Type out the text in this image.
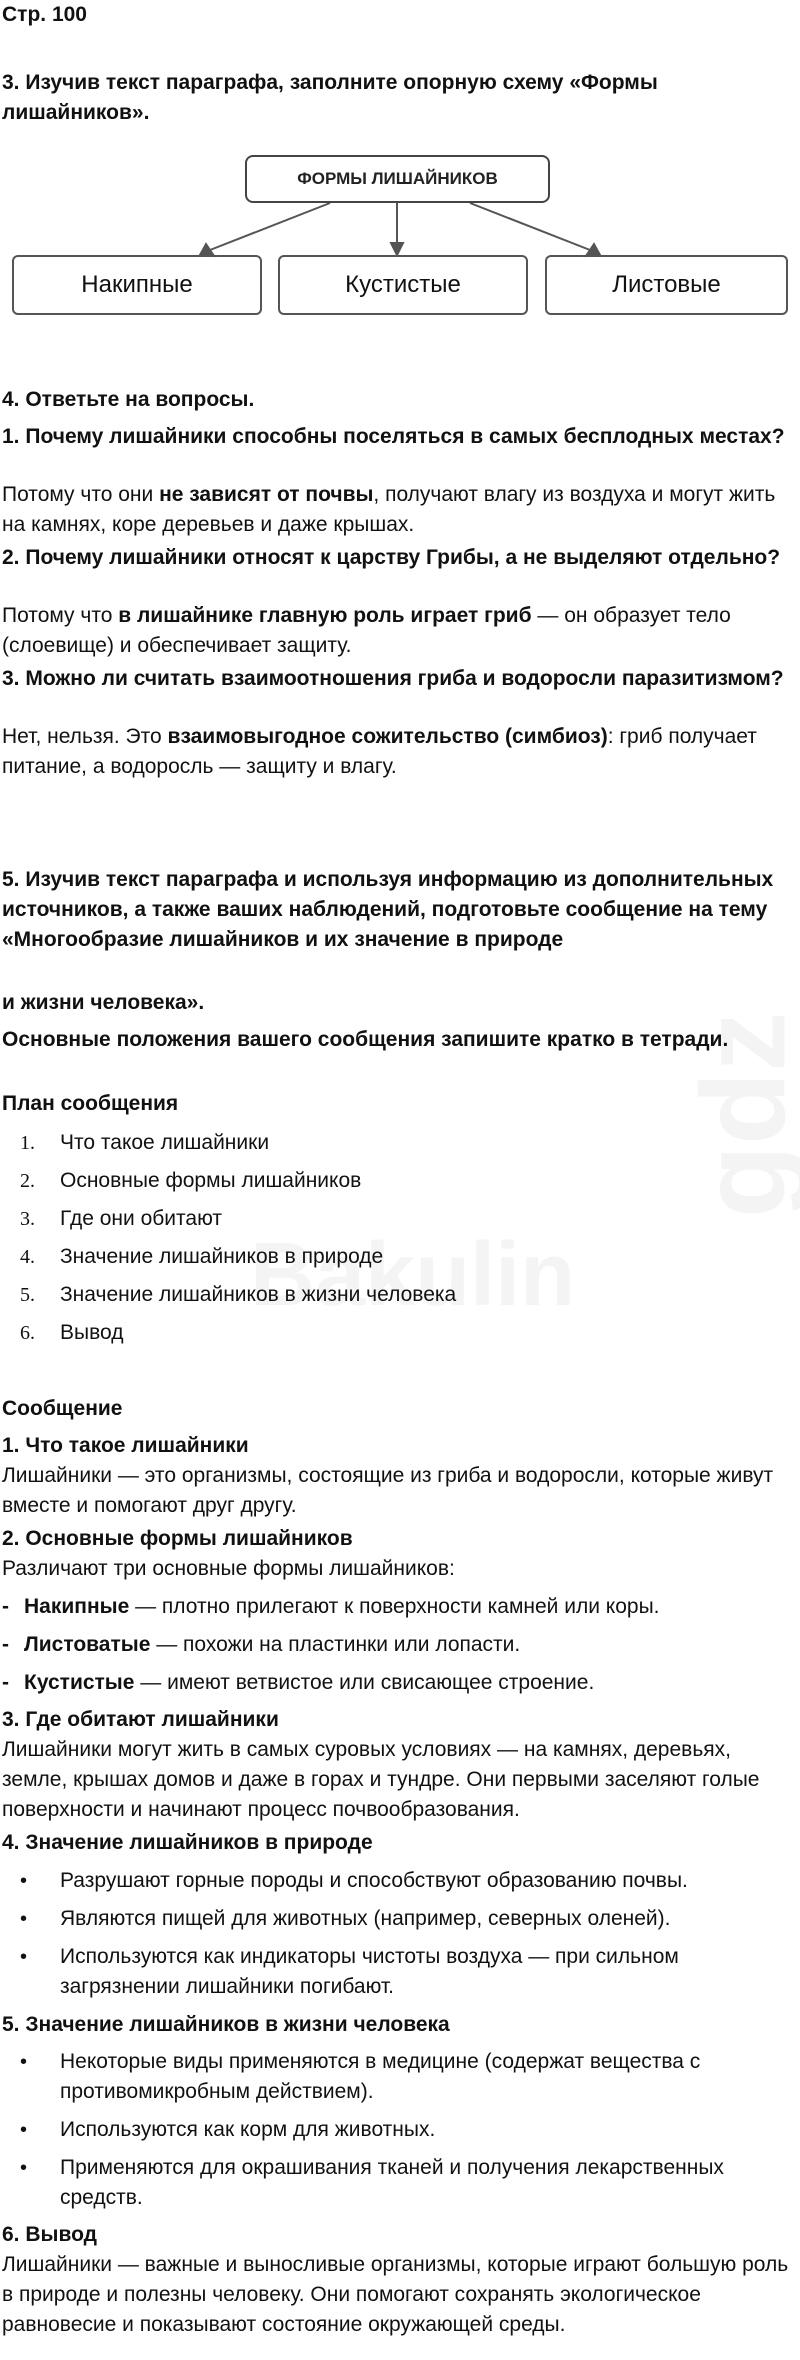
Стр. 100
3. Изучив текст параграфа, заполните опорную схему «Формы лишайников».
ФОРМЫ ЛИШАЙНИКОВ
Накипные	Кустистые	Листовые
4. Ответьте на вопросы.
1. Почему лишайники способны поселяться в самых бесплодных местах?
Потому что они не зависят от почвы, получают влагу из воздуха и могут жить на камнях, коре деревьев и даже крышах.
2. Почему лишайники относят к царству Грибы, а не выделяют отдельно?
Потому что в лишайнике главную роль играет гриб — он образует тело (слоевище) и обеспечивает защиту.
3. Можно ли считать взаимоотношения гриба и водоросли паразитизмом?
Нет, нельзя. Это взаимовыгодное сожительство (симбиоз): гриб получает питание, а водоросль — защиту и влагу.
5. Изучив текст параграфа и используя информацию из дополнительных источников, а также ваших наблюдений, подготовьте сообщение на тему «Многообразие лишайников и их значение в природе
и жизни человека».
Основные положения вашего сообщения запишите кратко в тетради.
План сообщения
1. Что такое лишайники
2. Основные формы лишайников
3. Где они обитают
4. Значение лишайников в природе
5. Значение лишайников в жизни человека
6. Вывод
Сообщение
1. Что такое лишайники
Лишайники — это организмы, состоящие из гриба и водоросли, которые живут вместе и помогают друг другу.
2. Основные формы лишайников
Различают три основные формы лишайников:
- Накипные — плотно прилегают к поверхности камней или коры.
- Листоватые — похожи на пластинки или лопасти.
- Кустистые — имеют ветвистое или свисающее строение.
3. Где обитают лишайники
Лишайники могут жить в самых суровых условиях — на камнях, деревьях, земле, крышах домов и даже в горах и тундре. Они первыми заселяют голые поверхности и начинают процесс почвообразования.
4. Значение лишайников в природе
• Разрушают горные породы и способствуют образованию почвы.
• Являются пищей для животных (например, северных оленей).
• Используются как индикаторы чистоты воздуха — при сильном загрязнении лишайники погибают.
5. Значение лишайников в жизни человека
• Некоторые виды применяются в медицине (содержат вещества с противомикробным действием).
• Используются как корм для животных.
• Применяются для окрашивания тканей и получения лекарственных средств.
6. Вывод
Лишайники — важные и выносливые организмы, которые играют большую роль в природе и полезны человеку. Они помогают сохранять экологическое равновесие и показывают состояние окружающей среды.
